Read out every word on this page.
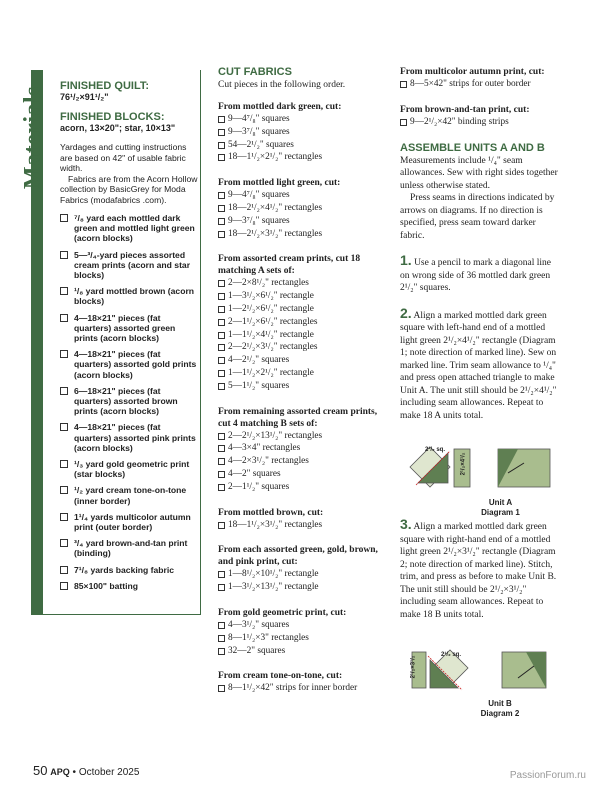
Materials FINISHED QUILT:

76¹/₂×91¹/₂"

FINISHED BLOCKS:

acorn, 13×20"; star, 10×13"

Yardages and cutting instructions are based on 42" of usable fabric width.
Fabrics are from the Acorn Hollow collection by BasicGrey for Moda Fabrics (modafabrics .com).

⁷/₈ yard each mottled dark green and mottled light green (acorn blocks)
5—³/₄-yard pieces assorted cream prints (acorn and star blocks)
¹/₈ yard mottled brown (acorn blocks)
4—18×21" pieces (fat quarters) assorted green prints (acorn blocks)
4—18×21" pieces (fat quarters) assorted gold prints (acorn blocks)
6—18×21" pieces (fat quarters) assorted brown prints (acorn blocks)
4—18×21" pieces (fat quarters) assorted pink prints (acorn blocks)
¹/₃ yard gold geometric print (star blocks)
¹/₂ yard cream tone-on-tone (inner border)
1¹/₄ yards multicolor autumn print (outer border)
³/₄ yard brown-and-tan print (binding)
7¹/₈ yards backing fabric
85×100" batting

CUT FABRICS

Cut pieces in the following order.

From mottled dark green, cut:

9—4⁷/₈" squares
9—3⁷/₈" squares
54—2¹/₂" squares
18—1¹/₂×2¹/₂" rectangles

From mottled light green, cut:

9—4⁷/₈" squares
18—2¹/₂×4¹/₂" rectangles
9—3⁷/₈" squares
18—2¹/₂×3¹/₂" rectangles

From assorted cream prints, cut 18 matching A sets of:

2—2×8¹/₂" rectangles
1—3¹/₂×6¹/₂" rectangle
1—2¹/₂×6¹/₂" rectangle
2—1¹/₂×6¹/₂" rectangles
1—1¹/₂×4¹/₂" rectangle
2—2¹/₂×3¹/₂" rectangles
4—2¹/₂" squares
1—1¹/₂×2¹/₂" rectangle
5—1¹/₂" squares

From remaining assorted cream prints, cut 4 matching B sets of:

2—2¹/₂×13¹/₂" rectangles
4—3×4" rectangles
4—2×3¹/₂" rectangles
4—2" squares
2—1¹/₂" squares

From mottled brown, cut:

18—1¹/₂×3¹/₂" rectangles

From each assorted green, gold, brown, and pink print, cut:

1—8¹/₂×10¹/₂" rectangle
1—3¹/₂×13¹/₂" rectangle

From gold geometric print, cut:

4—3¹/₂" squares
8—1¹/₂×3" rectangles
32—2" squares

From cream tone-on-tone, cut:

8—1¹/₂×42" strips for inner border

From multicolor autumn print, cut:

8—5×42" strips for outer border

From brown-and-tan print, cut:

9—2¹/₂×42" binding strips

ASSEMBLE UNITS A AND B

Measurements include ¹/₄" seam allowances. Sew with right sides together unless otherwise stated.

Press seams in directions indicated by arrows on diagrams. If no direction is specified, press seam toward darker fabric.

1. Use a pencil to mark a diagonal line on wrong side of 36 mottled dark green 2¹/₂" squares.

2. Align a marked mottled dark green square with left-hand end of a mottled light green 2¹/₂×4¹/₂" rectangle (Diagram 1; note direction of marked line). Sew on marked line. Trim seam allowance to ¹/₄" and press open attached triangle to make Unit A. The unit still should be 2¹/₂×4¹/₂" including seam allowances. Repeat to make 18 A units total.

2¹/₂ sq.
2¹/₂×4¹/₂
Unit A
Diagram 1

3. Align a marked mottled dark green square with right-hand end of a mottled light green 2¹/₂×3¹/₂" rectangle (Diagram 2; note direction of marked line). Stitch, trim, and press as before to make Unit B. The unit still should be 2¹/₂×3¹/₂" including seam allowances. Repeat to make 18 B units total.

2¹/₂×3¹/₂
2¹/₂ sq.
Unit B
Diagram 2
50 APQ • October 2025	PassionForum.ru
